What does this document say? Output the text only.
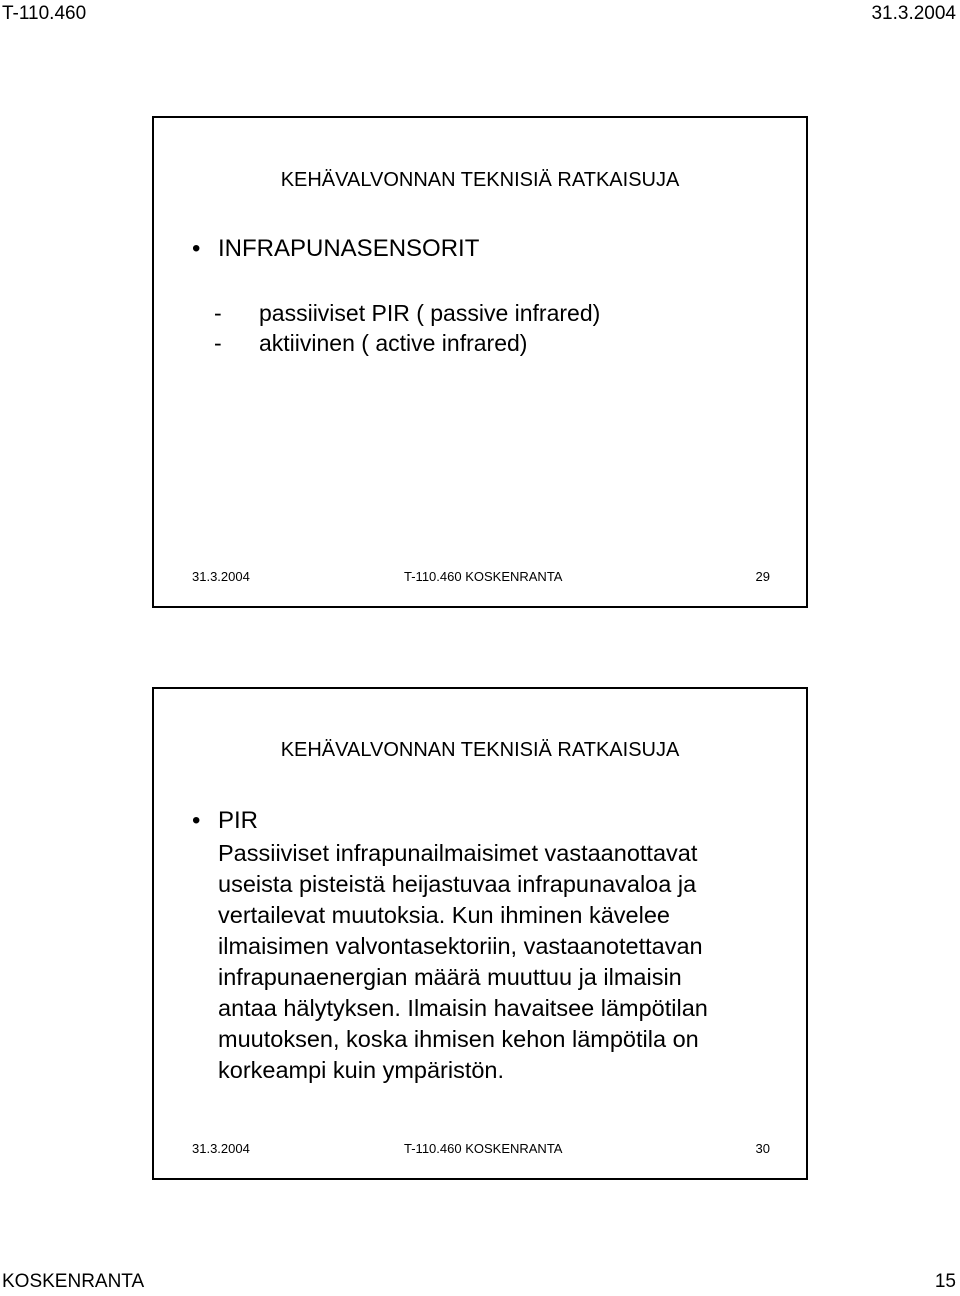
T-110.460	31.3.2004
KEHÄVALVONNAN TEKNISIÄ RATKAISUJA
• INFRAPUNASENSORIT
- passiiviset PIR ( passive infrared)
- aktiivinen ( active infrared)
31.3.2004	T-110.460 KOSKENRANTA	29
KEHÄVALVONNAN TEKNISIÄ RATKAISUJA
• PIR
Passiiviset infrapunailmaisimet vastaanottavat
useista pisteistä heijastuvaa infrapunavaloa ja
vertailevat muutoksia. Kun ihminen kävelee
ilmaisimen valvontasektoriin, vastaanotettavan
infrapunaenergian määrä muuttuu ja ilmaisin
antaa hälytyksen. Ilmaisin havaitsee lämpötilan
muutoksen, koska ihmisen kehon lämpötila on
korkeampi kuin ympäristön.
31.3.2004	T-110.460 KOSKENRANTA	30
KOSKENRANTA	15
